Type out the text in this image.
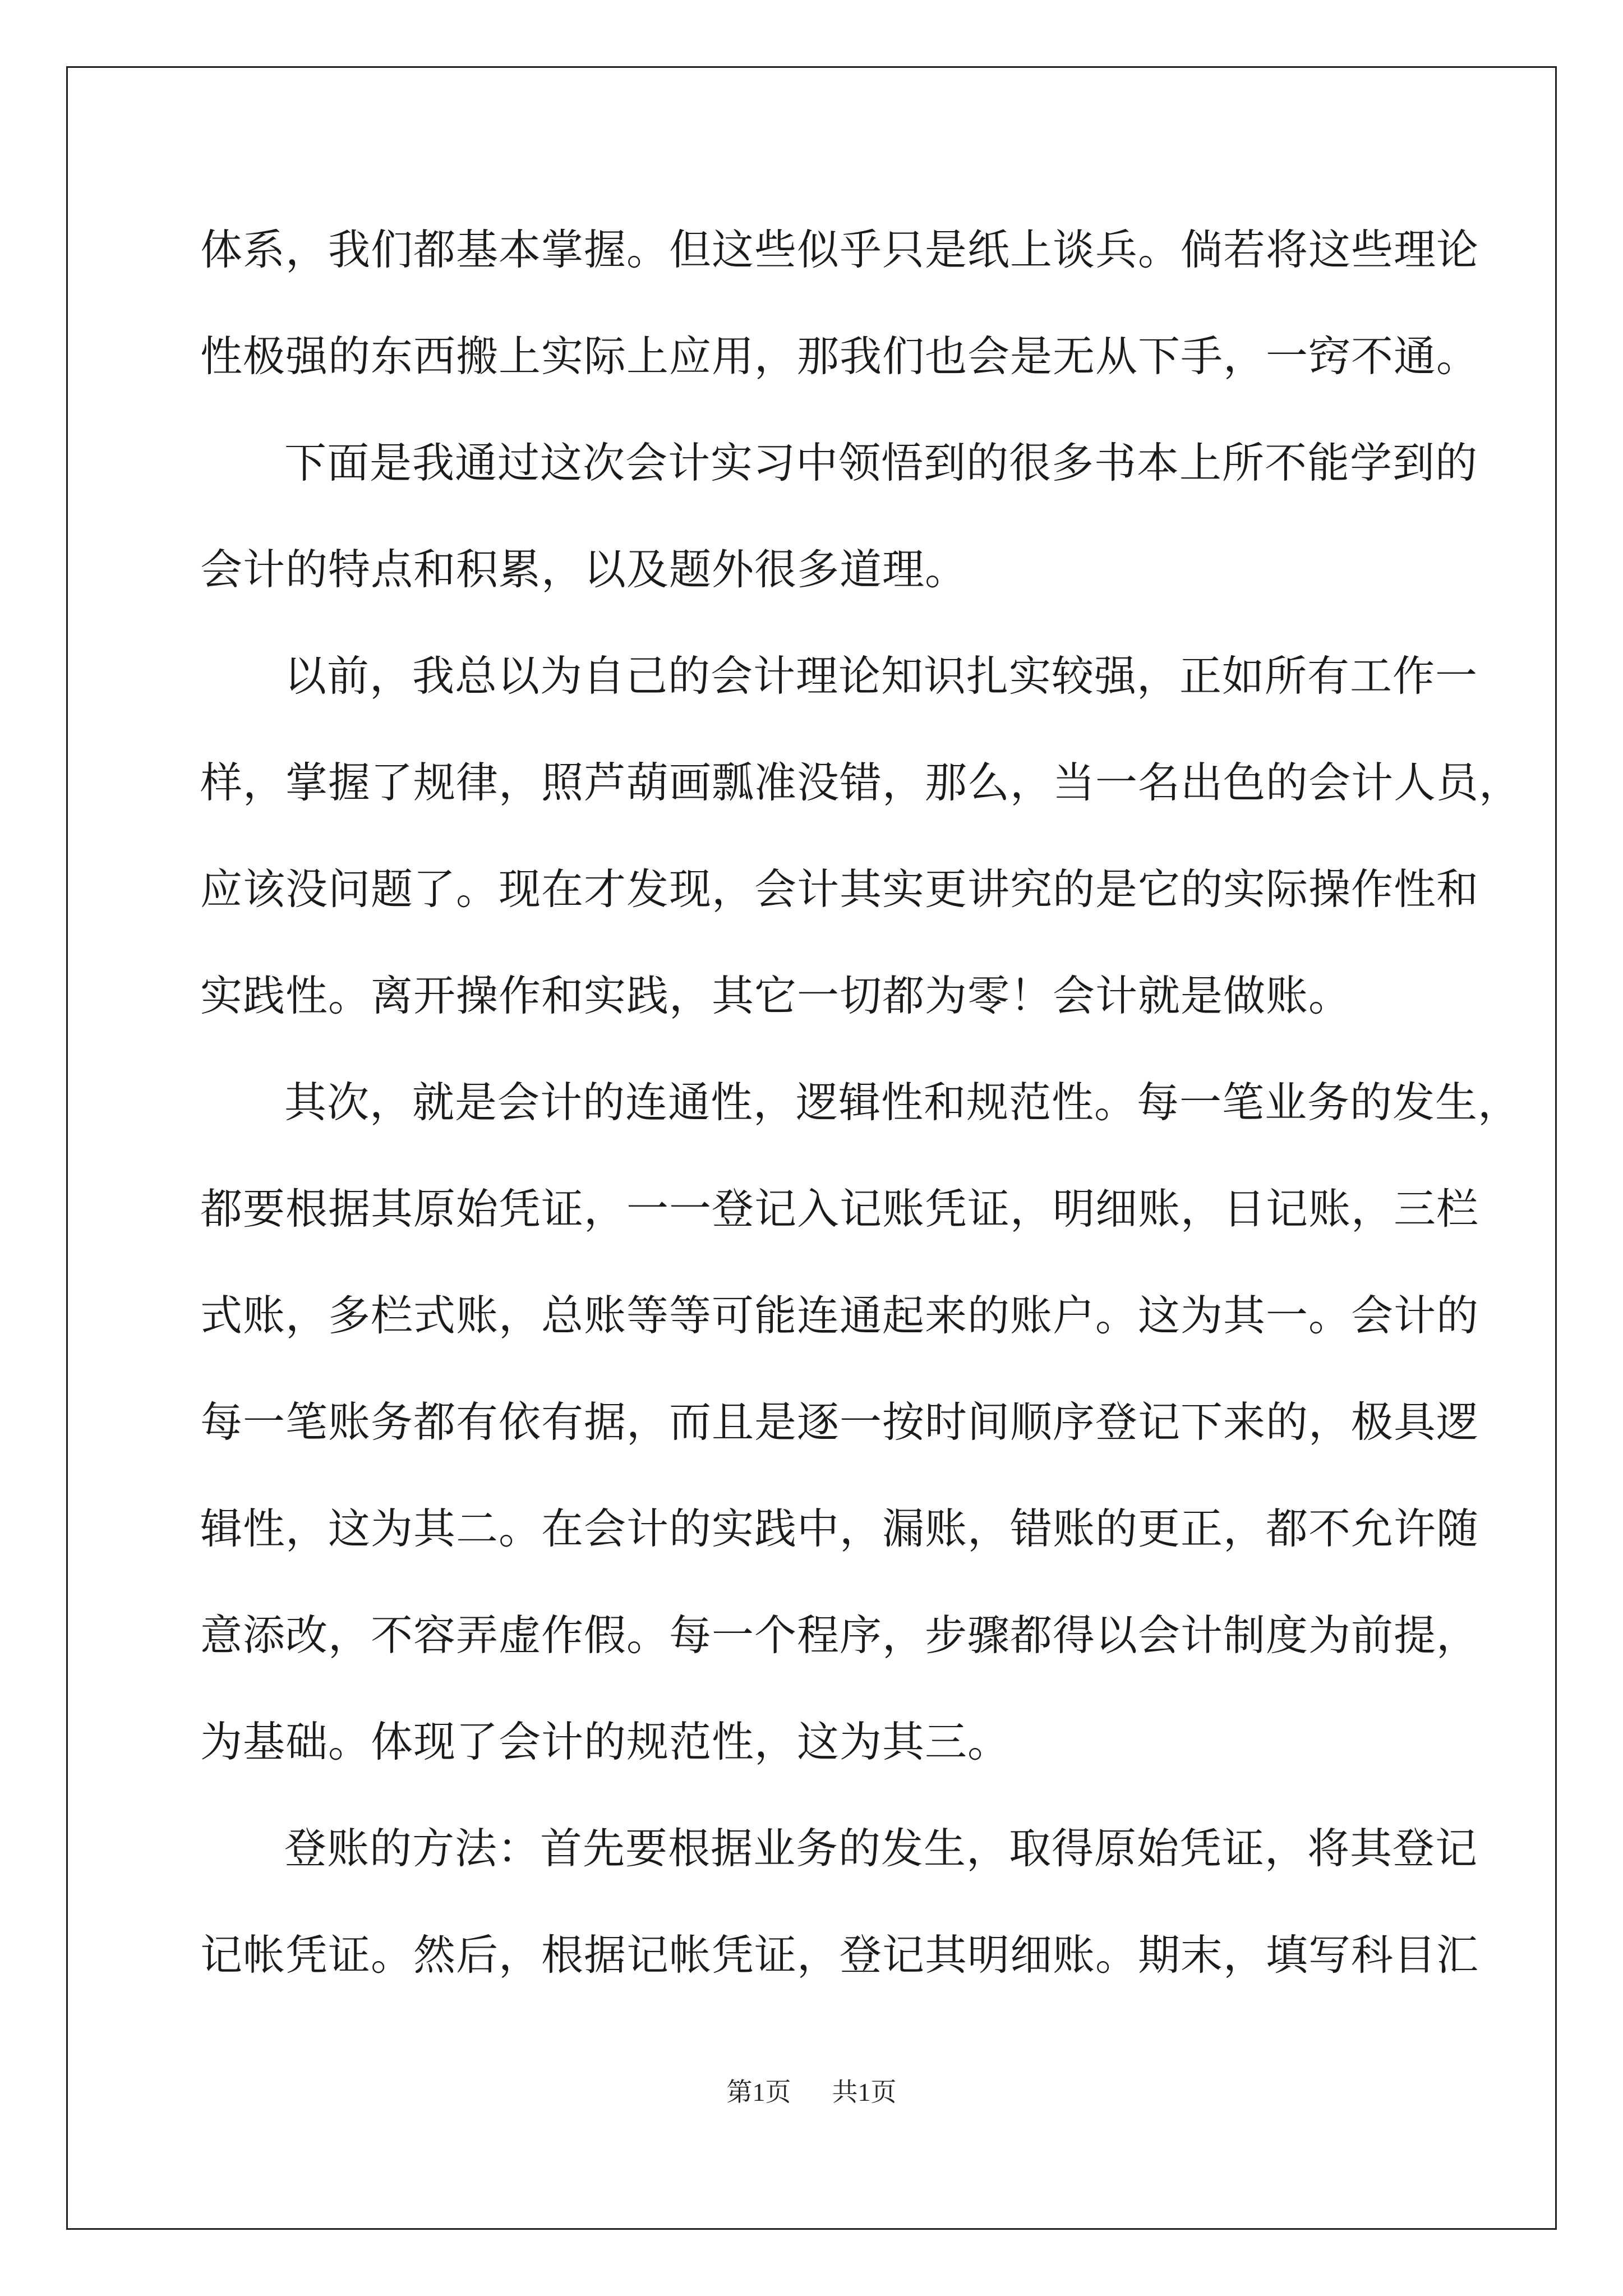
体系，我们都基本掌握。但这些似乎只是纸上谈兵。倘若将这些理论
性极强的东西搬上实际上应用，那我们也会是无从下手，一窍不通。
下面是我通过这次会计实习中领悟到的很多书本上所不能学到的
会计的特点和积累，以及题外很多道理。
以前，我总以为自己的会计理论知识扎实较强，正如所有工作一
样，掌握了规律，照芦葫画瓢准没错，那么，当一名出色的会计人员，
应该没问题了。现在才发现，会计其实更讲究的是它的实际操作性和
实践性。离开操作和实践，其它一切都为零！会计就是做账。
其次，就是会计的连通性，逻辑性和规范性。每一笔业务的发生，
都要根据其原始凭证，一一登记入记账凭证，明细账，日记账，三栏
式账，多栏式账，总账等等可能连通起来的账户。这为其一。会计的
每一笔账务都有依有据，而且是逐一按时间顺序登记下来的，极具逻
辑性，这为其二。在会计的实践中，漏账，错账的更正，都不允许随
意添改，不容弄虚作假。每一个程序，步骤都得以会计制度为前提，
为基础。体现了会计的规范性，这为其三。
登账的方法：首先要根据业务的发生，取得原始凭证，将其登记
记帐凭证。然后，根据记帐凭证，登记其明细账。期末，填写科目汇
第1页 共1页
